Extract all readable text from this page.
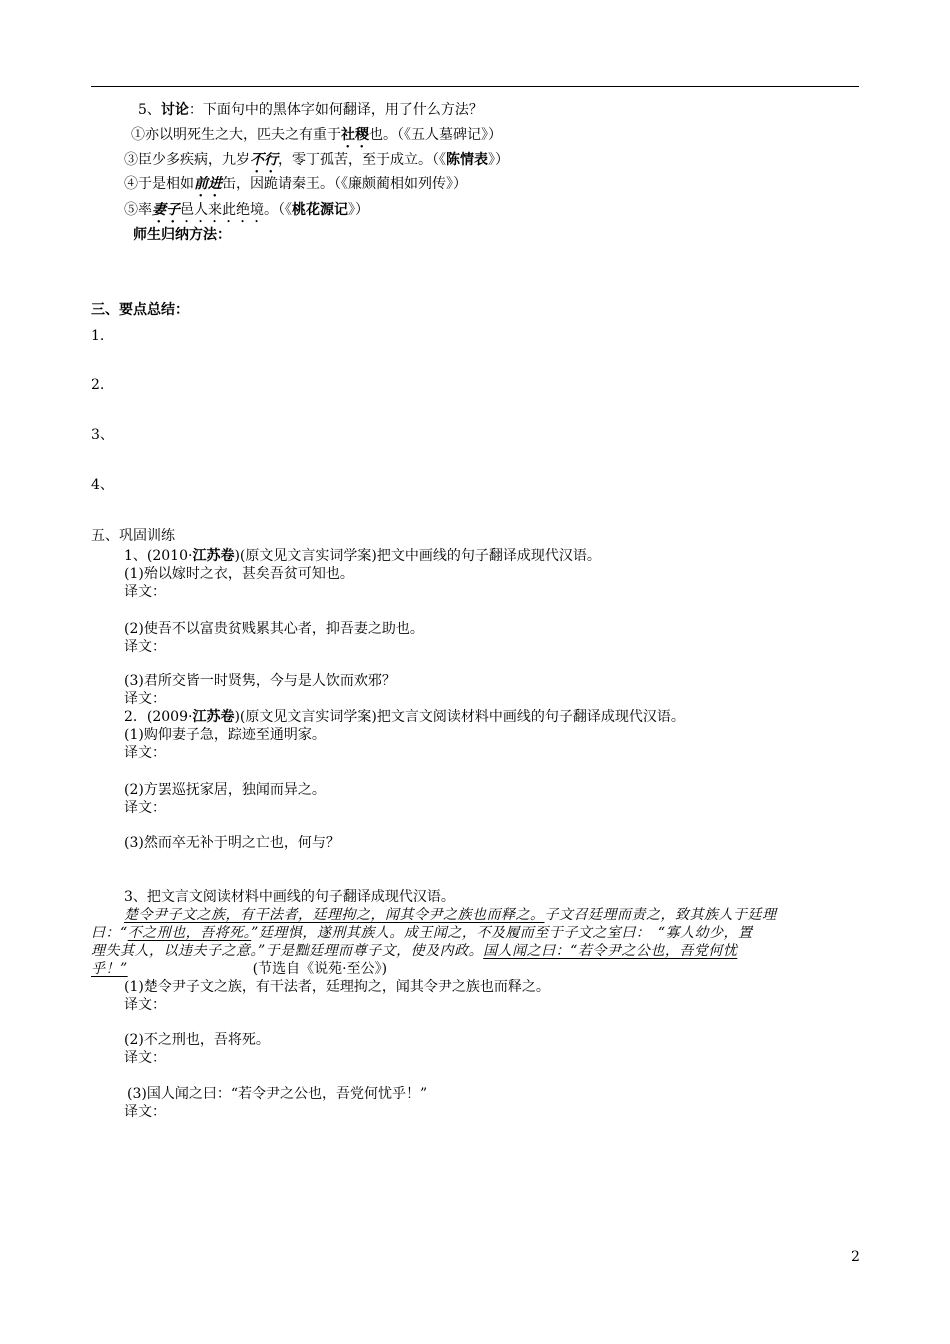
5、讨论：下面句中的黑体字如何翻译，用了什么方法？
①亦以明死生之大，匹夫之有重于社稷也。（《五人墓碑记》）
③臣少多疾病，九岁不行，零丁孤苦，至于成立。（《陈情表》）
④于是相如前进缶，因跪请秦王。（《廉颇蔺相如列传》）
⑤率妻子邑人来此绝境。（《桃花源记》）
师生归纳方法：
三、要点总结：
1.
2.
3、
4、
五、巩固训练
1、(2010·江苏卷)(原文见文言实词学案)把文中画线的句子翻译成现代汉语。
(1)殆以嫁时之衣，甚矣吾贫可知也。
译文：
(2)使吾不以富贵贫贱累其心者，抑吾妻之助也。
译文：
(3)君所交皆一时贤隽，今与是人饮而欢邪？
译文：
2．(2009·江苏卷)(原文见文言实词学案)把文言文阅读材料中画线的句子翻译成现代汉语。
(1)购仰妻子急，踪迹至通明家。
译文：
(2)方罢巡抚家居，独闻而异之。
译文：
(3)然而卒无补于明之亡也，何与？
3、把文言文阅读材料中画线的句子翻译成现代汉语。
楚令尹子文之族，有干法者，廷理拘之，闻其令尹之族也而释之。子文召廷理而责之，致其族人于廷理
曰：“不之刑也，吾将死。”廷理惧，遂刑其族人。成王闻之，不及履而至于子文之室曰：　“寡人幼少，置
理失其人，以违夫子之意。”于是黜廷理而尊子文，使及内政。国人闻之曰：“若令尹之公也，吾党何忧
乎！”	(节选自《说苑·至公》)
(1)楚令尹子文之族，有干法者，廷理拘之，闻其令尹之族也而释之。
译文：
(2)不之刑也，吾将死。
译文：
(3)国人闻之曰：“若令尹之公也，吾党何忧乎！”
译文：
2
